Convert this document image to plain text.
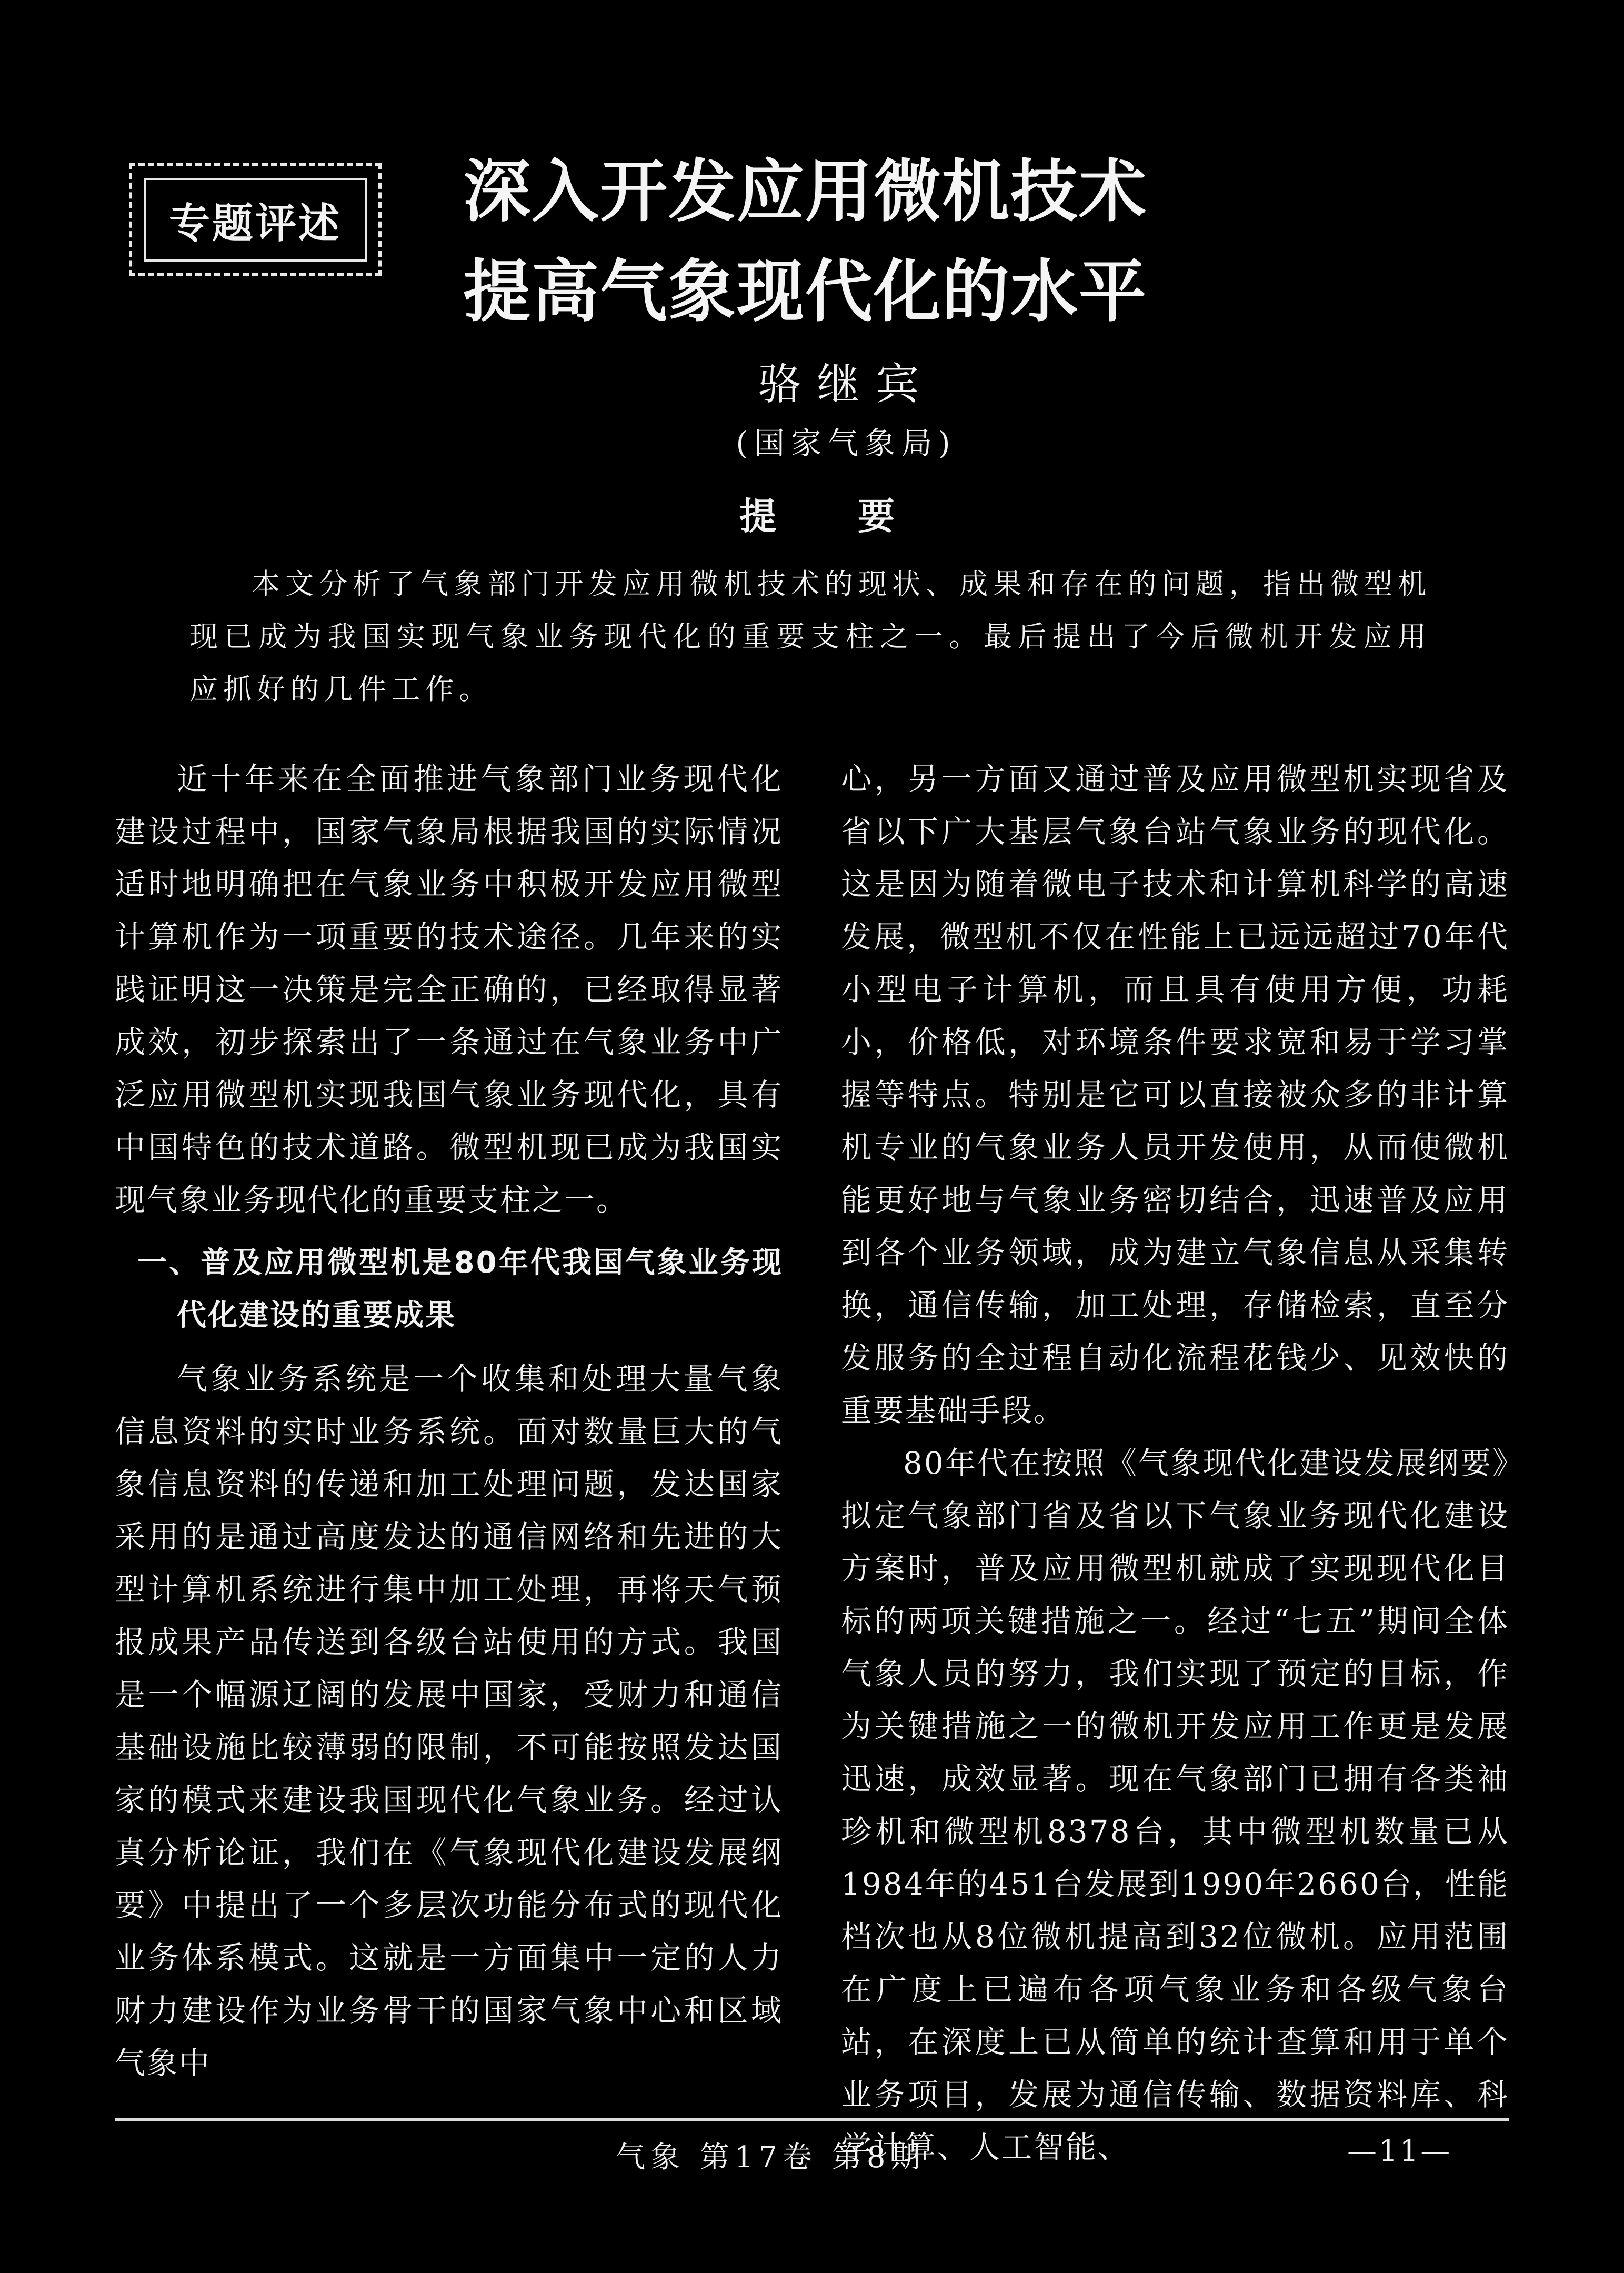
专题评述 深入开发应用微机技术
提高气象现代化的水平
骆继宾
(国家气象局)
提要

本文分析了气象部门开发应用微机技术的现状、成果和存在的问题，指出微型机现已成为我国实现气象业务现代化的重要支柱之一。最后提出了今后微机开发应用应抓好的几件工作。

近十年来在全面推进气象部门业务现代化建设过程中，国家气象局根据我国的实际情况适时地明确把在气象业务中积极开发应用微型计算机作为一项重要的技术途径。几年来的实践证明这一决策是完全正确的，已经取得显著成效，初步探索出了一条通过在气象业务中广泛应用微型机实现我国气象业务现代化，具有中国特色的技术道路。微型机现已成为我国实现气象业务现代化的重要支柱之一。

一、普及应用微型机是80年代我国气象业务现代化建设的重要成果

气象业务系统是一个收集和处理大量气象信息资料的实时业务系统。面对数量巨大的气象信息资料的传递和加工处理问题，发达国家采用的是通过高度发达的通信网络和先进的大型计算机系统进行集中加工处理，再将天气预报成果产品传送到各级台站使用的方式。我国是一个幅源辽阔的发展中国家，受财力和通信基础设施比较薄弱的限制，不可能按照发达国家的模式来建设我国现代化气象业务。经过认真分析论证，我们在《气象现代化建设发展纲要》中提出了一个多层次功能分布式的现代化业务体系模式。这就是一方面集中一定的人力财力建设作为业务骨干的国家气象中心和区域气象中

心，另一方面又通过普及应用微型机实现省及省以下广大基层气象台站气象业务的现代化。这是因为随着微电子技术和计算机科学的高速发展，微型机不仅在性能上已远远超过70年代小型电子计算机，而且具有使用方便，功耗小，价格低，对环境条件要求宽和易于学习掌握等特点。特别是它可以直接被众多的非计算机专业的气象业务人员开发使用，从而使微机能更好地与气象业务密切结合，迅速普及应用到各个业务领域，成为建立气象信息从采集转换，通信传输，加工处理，存储检索，直至分发服务的全过程自动化流程花钱少、见效快的重要基础手段。

80年代在按照《气象现代化建设发展纲要》拟定气象部门省及省以下气象业务现代化建设方案时，普及应用微型机就成了实现现代化目标的两项关键措施之一。经过“七五”期间全体气象人员的努力，我们实现了预定的目标，作为关键措施之一的微机开发应用工作更是发展迅速，成效显著。现在气象部门已拥有各类袖珍机和微型机8378台，其中微型机数量已从1984年的451台发展到1990年2660台，性能档次也从8位微机提高到32位微机。应用范围在广度上已遍布各项气象业务和各级气象台站，在深度上已从简单的统计查算和用于单个业务项目，发展为通信传输、数据资料库、科学计算、人工智能、

气象 第17卷 第8期	—11—
